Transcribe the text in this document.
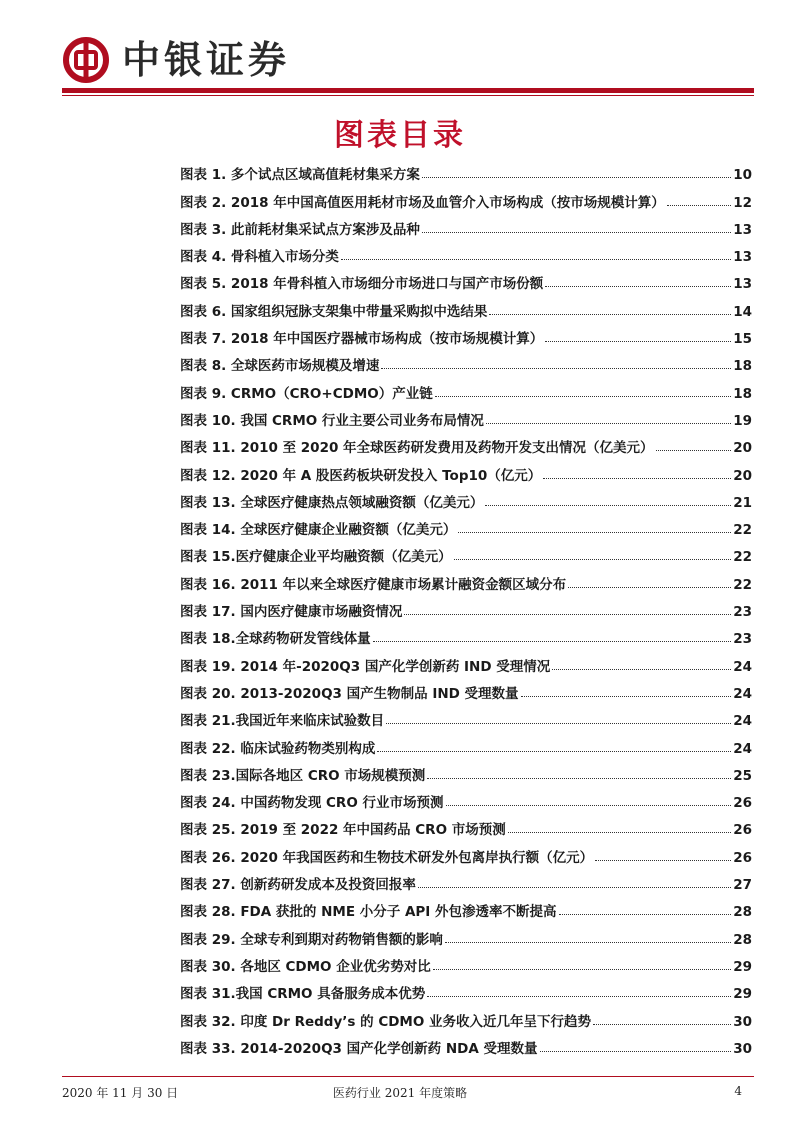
中银证券
图表目录
图表 1. 多个试点区域高值耗材集采方案	10
图表 2. 2018 年中国高值医用耗材市场及血管介入市场构成（按市场规模计算）	12
图表 3. 此前耗材集采试点方案涉及品种	13
图表 4. 骨科植入市场分类	13
图表 5. 2018 年骨科植入市场细分市场进口与国产市场份额	13
图表 6. 国家组织冠脉支架集中带量采购拟中选结果	14
图表 7. 2018 年中国医疗器械市场构成（按市场规模计算）	15
图表 8. 全球医药市场规模及增速	18
图表 9. CRMO（CRO+CDMO）产业链	18
图表 10. 我国 CRMO 行业主要公司业务布局情况	19
图表 11. 2010 至 2020 年全球医药研发费用及药物开发支出情况（亿美元）	20
图表 12. 2020 年 A 股医药板块研发投入 Top10（亿元）	20
图表 13. 全球医疗健康热点领域融资额（亿美元）	21
图表 14. 全球医疗健康企业融资额（亿美元）	22
图表 15.医疗健康企业平均融资额（亿美元）	22
图表 16. 2011 年以来全球医疗健康市场累计融资金额区域分布	22
图表 17. 国内医疗健康市场融资情况	23
图表 18.全球药物研发管线体量	23
图表 19. 2014 年-2020Q3 国产化学创新药 IND 受理情况	24
图表 20. 2013-2020Q3 国产生物制品 IND 受理数量	24
图表 21.我国近年来临床试验数目	24
图表 22. 临床试验药物类别构成	24
图表 23.国际各地区 CRO 市场规模预测	25
图表 24. 中国药物发现 CRO 行业市场预测	26
图表 25. 2019 至 2022 年中国药品 CRO 市场预测	26
图表 26. 2020 年我国医药和生物技术研发外包离岸执行额（亿元）	26
图表 27. 创新药研发成本及投资回报率	27
图表 28. FDA 获批的 NME 小分子 API 外包渗透率不断提高	28
图表 29. 全球专利到期对药物销售额的影响	28
图表 30. 各地区 CDMO 企业优劣势对比	29
图表 31.我国 CRMO 具备服务成本优势	29
图表 32. 印度 Dr Reddy’s 的 CDMO 业务收入近几年呈下行趋势	30
图表 33. 2014-2020Q3 国产化学创新药 NDA 受理数量	30
2020 年 11 月 30 日	医药行业 2021 年度策略	4
